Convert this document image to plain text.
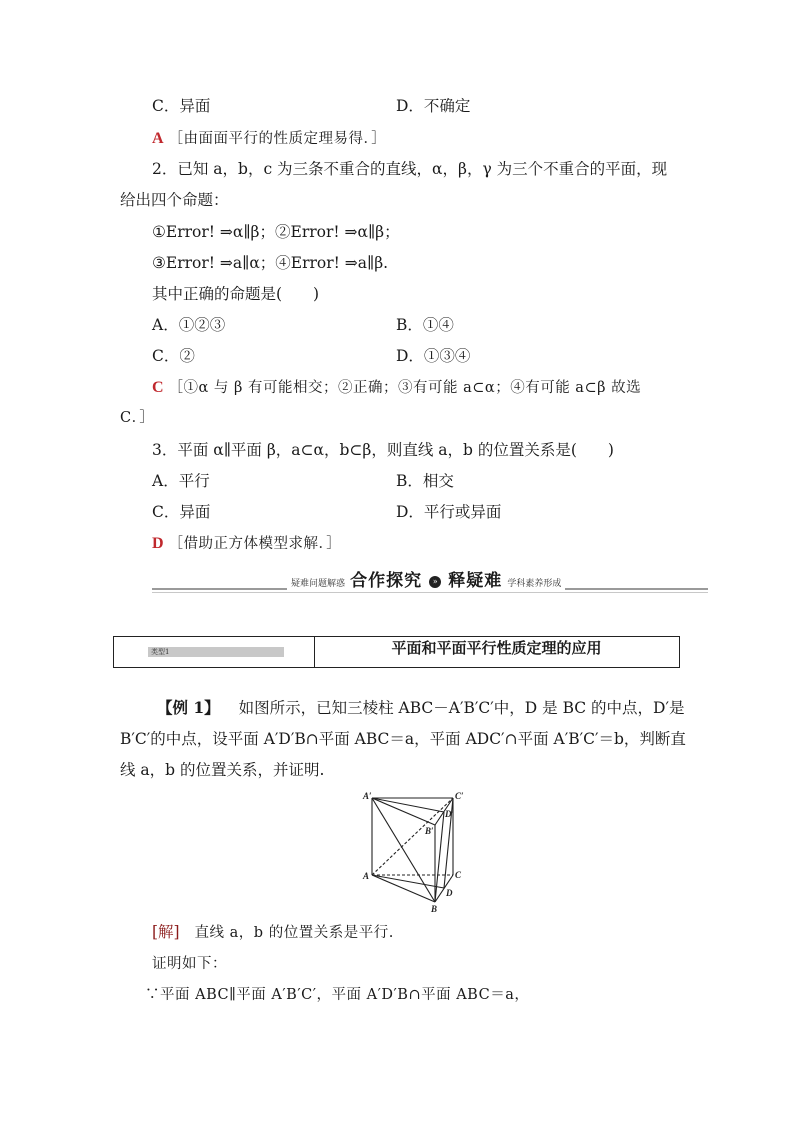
C．异面	D．不确定
A ［由面面平行的性质定理易得．］
2．已知 a，b，c 为三条不重合的直线，α，β，γ 为三个不重合的平面，现
给出四个命题：
①Error! ⇒α∥β；②Error! ⇒α∥β；
③Error! ⇒a∥α；④Error! ⇒a∥β.
其中正确的命题是(　　)
A．①②③	B．①④
C．②	D．①③④
C ［①α 与 β 有可能相交；②正确；③有可能 a⊂α；④有可能 a⊂β 故选
C．］
3．平面 α∥平面 β，a⊂α，b⊂β，则直线 a，b 的位置关系是(　　)
A．平行	B．相交
C．异面	D．平行或异面
D ［借助正方体模型求解．］
疑难问题解惑 合作探究 » 释疑难 学科素养形成
类型1	平面和平面平行性质定理的应用
【例 1】 如图所示，已知三棱柱 ABC－A′B′C′中，D 是 BC 的中点，D′是
B′C′的中点，设平面 A′D′B∩平面 ABC＝a，平面 ADC′∩平面 A′B′C′＝b，判断直
线 a，b 的位置关系，并证明.
A′	C′
D′
B′
A	C
D
B
[解] 直线 a，b 的位置关系是平行.
证明如下：
∵平面 ABC∥平面 A′B′C′，平面 A′D′B∩平面 ABC＝a，
